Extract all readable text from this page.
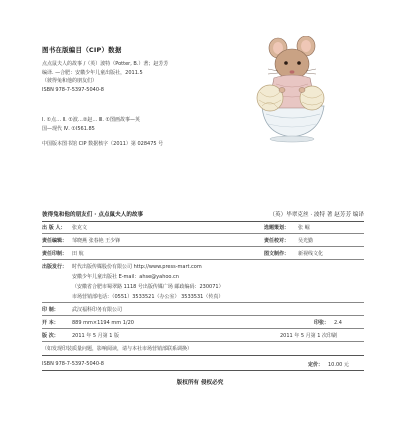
图书在版编目（CIP）数据
点点鼠夫人的故事 /（英）波特（Potter, B.）著；赵芳芳
编译. —合肥：安徽少年儿童出版社，2011.5
（彼得兔和他的朋友们）
ISBN 978-7-5397-5040-8
Ⅰ. ①点… Ⅱ. ①波…②赵… Ⅲ. ①图画故事—英
国—现代 Ⅳ. ①I561.85
中国版本图书馆 CIP 数据核字（2011）第 028475 号
彼得兔和他的朋友们 · 点点鼠夫人的故事	（英）毕翠克丝 · 波特 著 赵芳芳 编译
出 版 人： 张克文	选题策划： 张 崛
责任编辑： 邹晓燕 张春艳 王少锋	责任校对： 吴光勤
责任印制： 田 航	图文制作： 新视线文化
出版发行： 时代出版传媒股份有限公司 http://www.press-mart.com
安徽少年儿童出版社 E-mail：ahse@yahoo.cn
（安徽省合肥市蜀翠路 1118 号出版传媒广场 邮政编码：230071）
市场营销部电话：（0551）3533521（办公室） 3533531（传真）
印 制：	武汉福科印务有限公司
开 本：	889 mm×1194 mm 1/20	印张： 2.4
版 次：	2011 年 5 月第 1 版	2011 年 5 月第 1 次印刷
（如发现印装质量问题，影响阅读，请与本社市场营销部联系调换）
ISBN 978-7-5397-5040-8	定价： 10.00 元
版权所有 侵权必究
